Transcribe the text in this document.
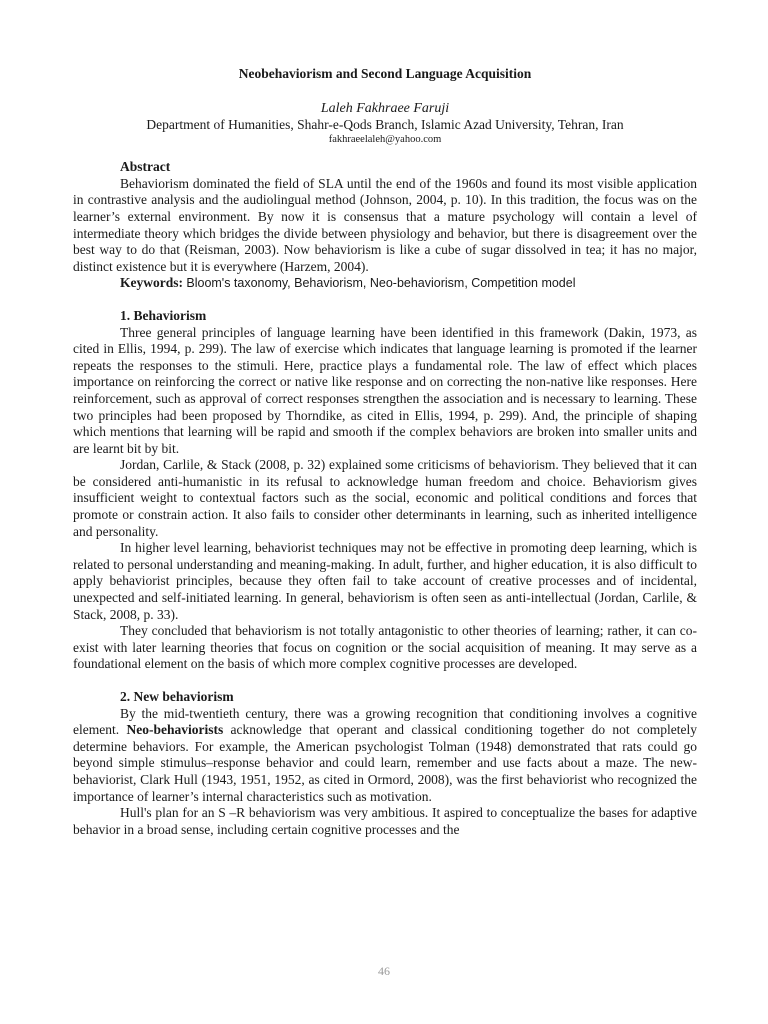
Neobehaviorism and Second Language Acquisition

Laleh Fakhraee Faruji

Department of Humanities, Shahr-e-Qods Branch, Islamic Azad University, Tehran, Iran

fakhraeelaleh@yahoo.com

Abstract

Behaviorism dominated the field of SLA until the end of the 1960s and found its most visible application in contrastive analysis and the audiolingual method (Johnson, 2004, p. 10). In this tradition, the focus was on the learner’s external environment. By now it is consensus that a mature psychology will contain a level of intermediate theory which bridges the divide between physiology and behavior, but there is disagreement over the best way to do that (Reisman, 2003). Now behaviorism is like a cube of sugar dissolved in tea; it has no major, distinct existence but it is everywhere (Harzem, 2004).

Keywords: Bloom's taxonomy, Behaviorism, Neo-behaviorism, Competition model

1. Behaviorism

Three general principles of language learning have been identified in this framework (Dakin, 1973, as cited in Ellis, 1994, p. 299). The law of exercise which indicates that language learning is promoted if the learner repeats the responses to the stimuli. Here, practice plays a fundamental role. The law of effect which places importance on reinforcing the correct or native like response and on correcting the non-native like responses. Here reinforcement, such as approval of correct responses strengthen the association and is necessary to learning. These two principles had been proposed by Thorndike, as cited in Ellis, 1994, p. 299). And, the principle of shaping which mentions that learning will be rapid and smooth if the complex behaviors are broken into smaller units and are learnt bit by bit.

Jordan, Carlile, & Stack (2008, p. 32) explained some criticisms of behaviorism. They believed that it can be considered anti-humanistic in its refusal to acknowledge human freedom and choice. Behaviorism gives insufficient weight to contextual factors such as the social, economic and political conditions and forces that promote or constrain action. It also fails to consider other determinants in learning, such as inherited intelligence and personality.

In higher level learning, behaviorist techniques may not be effective in promoting deep learning, which is related to personal understanding and meaning-making. In adult, further, and higher education, it is also difficult to apply behaviorist principles, because they often fail to take account of creative processes and of incidental, unexpected and self-initiated learning. In general, behaviorism is often seen as anti-intellectual (Jordan, Carlile, & Stack, 2008, p. 33).

They concluded that behaviorism is not totally antagonistic to other theories of learning; rather, it can co-exist with later learning theories that focus on cognition or the social acquisition of meaning. It may serve as a foundational element on the basis of which more complex cognitive processes are developed.

2. New behaviorism

By the mid-twentieth century, there was a growing recognition that conditioning involves a cognitive element. Neo-behaviorists acknowledge that operant and classical conditioning together do not completely determine behaviors. For example, the American psychologist Tolman (1948) demonstrated that rats could go beyond simple stimulus–response behavior and could learn, remember and use facts about a maze. The new-behaviorist, Clark Hull (1943, 1951, 1952, as cited in Ormord, 2008), was the first behaviorist who recognized the importance of learner’s internal characteristics such as motivation.

Hull's plan for an S –R behaviorism was very ambitious. It aspired to conceptualize the bases for adaptive behavior in a broad sense, including certain cognitive processes and the

46
